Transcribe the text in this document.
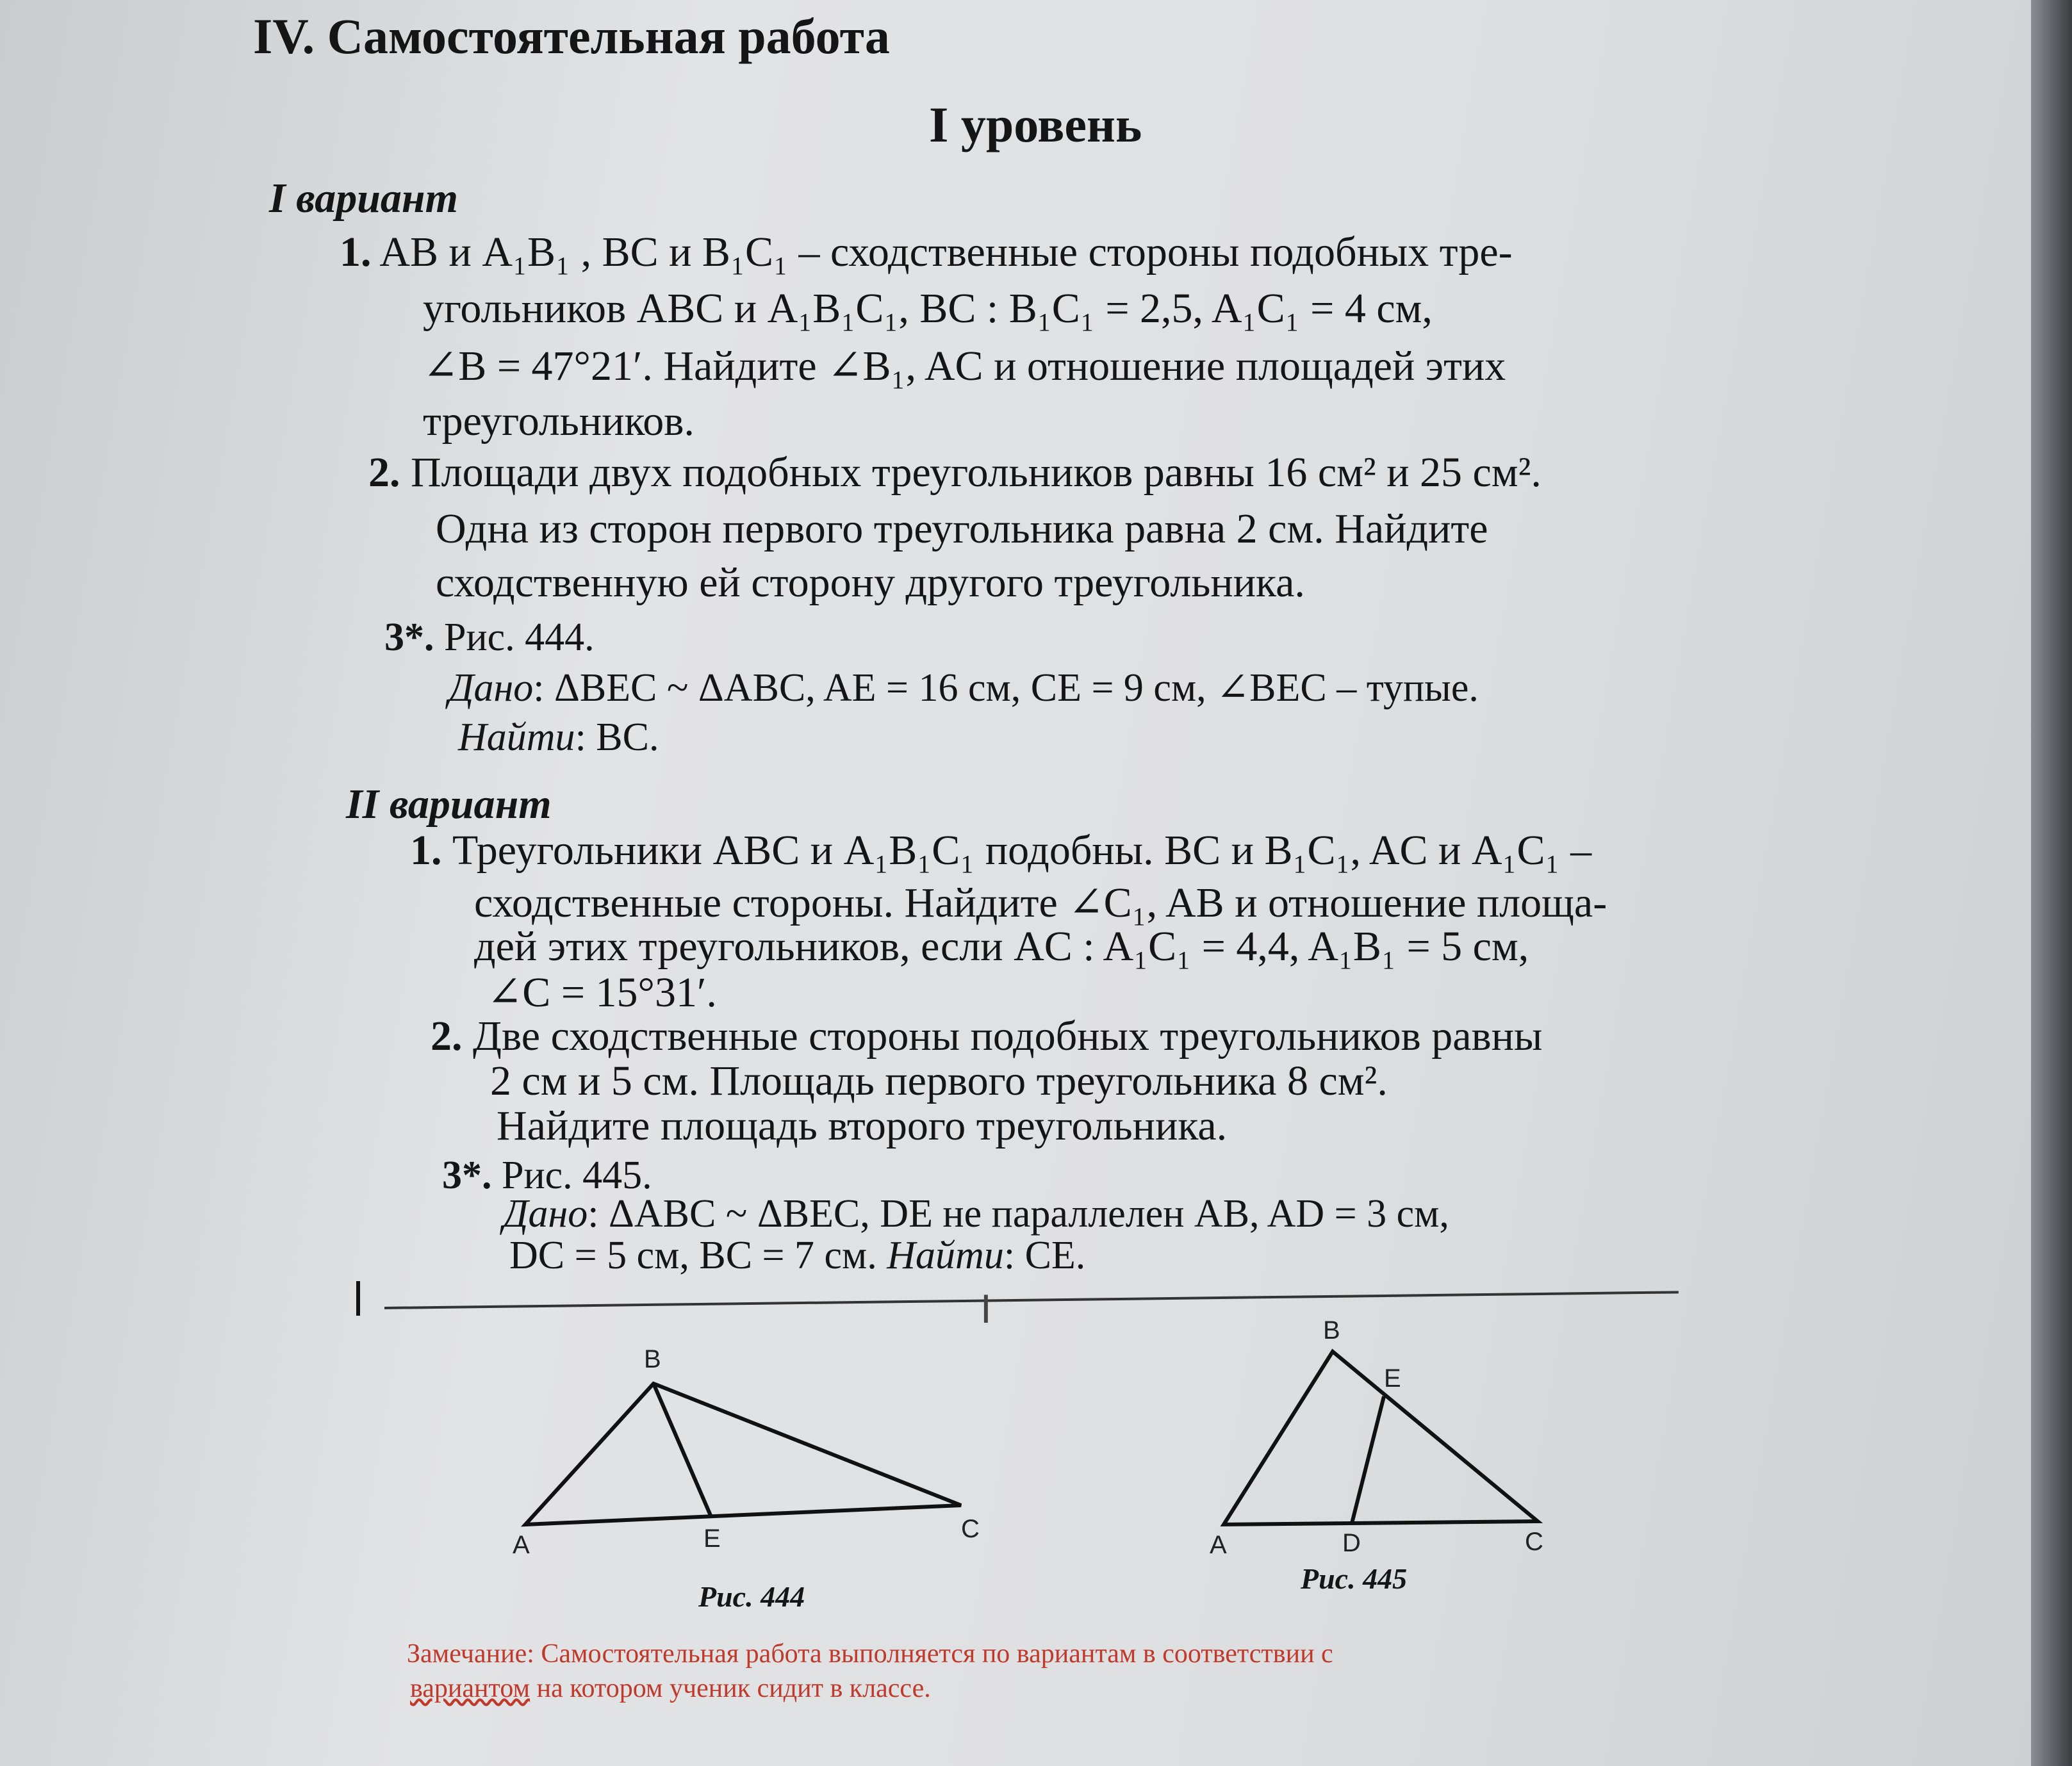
IV. Самостоятельная работа
I уровень
I вариант
1. AB и A₁B₁ , BC и B₁C₁ – сходственные стороны подобных тре-
угольников ABC и A₁B₁C₁, BC : B₁C₁ = 2,5, A₁C₁ = 4 см,
∠B = 47°21′. Найдите ∠B₁, AC и отношение площадей этих
треугольников.
2. Площади двух подобных треугольников равны 16 см² и 25 см².
Одна из сторон первого треугольника равна 2 см. Найдите
сходственную ей сторону другого треугольника.
3*. Рис. 444.
Дано: ΔBEC ~ ΔABC, AE = 16 см, CE = 9 см, ∠BEC – тупые.
Найти: BC.
II вариант
1. Треугольники ABC и A₁B₁C₁ подобны. BC и B₁C₁, AC и A₁C₁ –
сходственные стороны. Найдите ∠C₁, AB и отношение площа-
дей этих треугольников, если AC : A₁C₁ = 4,4, A₁B₁ = 5 см,
∠C = 15°31′.
2. Две сходственные стороны подобных треугольников равны
2 см и 5 см. Площадь первого треугольника 8 см².
Найдите площадь второго треугольника.
3*. Рис. 445.
Дано: ΔABC ~ ΔBEC, DE не параллелен AB, AD = 3 см,
DC = 5 см, BC = 7 см. Найти: CE.
I
B
A	E	C
Рис. 444
B
E
A	D	C
Рис. 445
Замечание: Самостоятельная работа выполняется по вариантам в соответствии с
вариантом на котором ученик сидит в классе.
